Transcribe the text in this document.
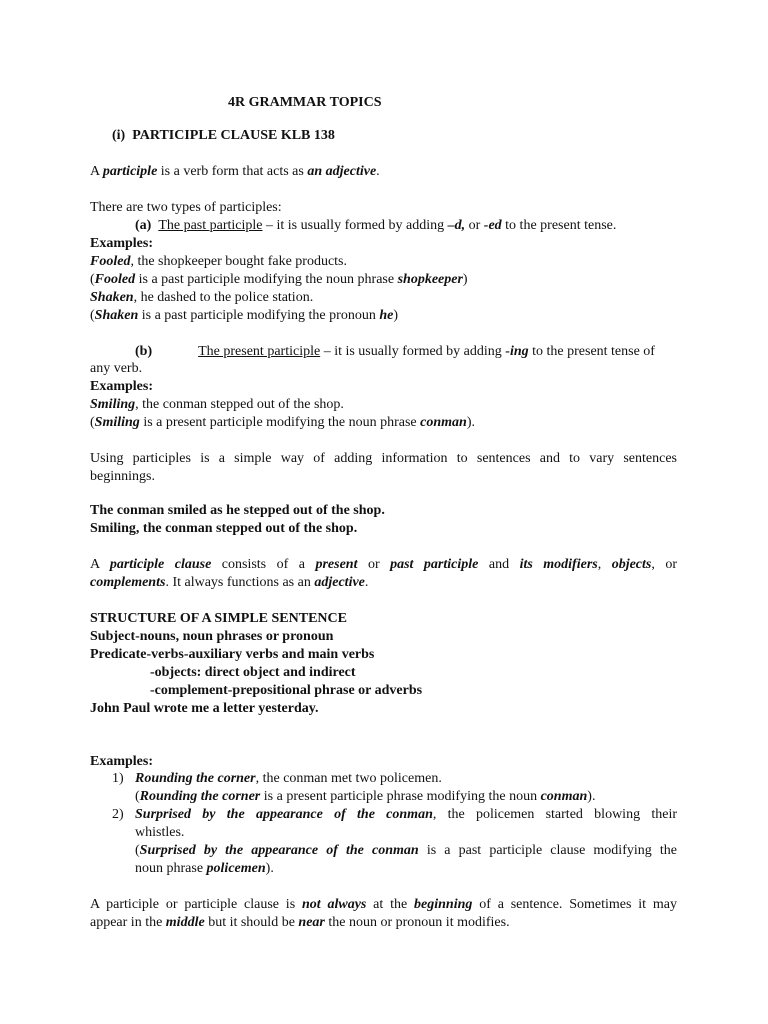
4R GRAMMAR TOPICS
(i) PARTICIPLE CLAUSE KLB 138
A participle is a verb form that acts as an adjective.
There are two types of participles:
(a) The past participle – it is usually formed by adding –d, or -ed to the present tense.
Examples:
Fooled, the shopkeeper bought fake products.
(Fooled is a past participle modifying the noun phrase shopkeeper)
Shaken, he dashed to the police station.
(Shaken is a past participle modifying the pronoun he)
(b)	The present participle – it is usually formed by adding -ing to the present tense of
any verb.
Examples:
Smiling, the conman stepped out of the shop.
(Smiling is a present participle modifying the noun phrase conman).
Using participles is a simple way of adding information to sentences and to vary sentences
beginnings.
The conman smiled as he stepped out of the shop.
Smiling, the conman stepped out of the shop.
A participle clause consists of a present or past participle and its modifiers, objects, or
complements. It always functions as an adjective.
STRUCTURE OF A SIMPLE SENTENCE
Subject-nouns, noun phrases or pronoun
Predicate-verbs-auxiliary verbs and main verbs
-objects: direct object and indirect
-complement-prepositional phrase or adverbs
John Paul wrote me a letter yesterday.
Examples:
1) Rounding the corner, the conman met two policemen.
(Rounding the corner is a present participle phrase modifying the noun conman).
2) Surprised by the appearance of the conman, the policemen started blowing their
whistles.
(Surprised by the appearance of the conman is a past participle clause modifying the
noun phrase policemen).
A participle or participle clause is not always at the beginning of a sentence. Sometimes it may
appear in the middle but it should be near the noun or pronoun it modifies.
